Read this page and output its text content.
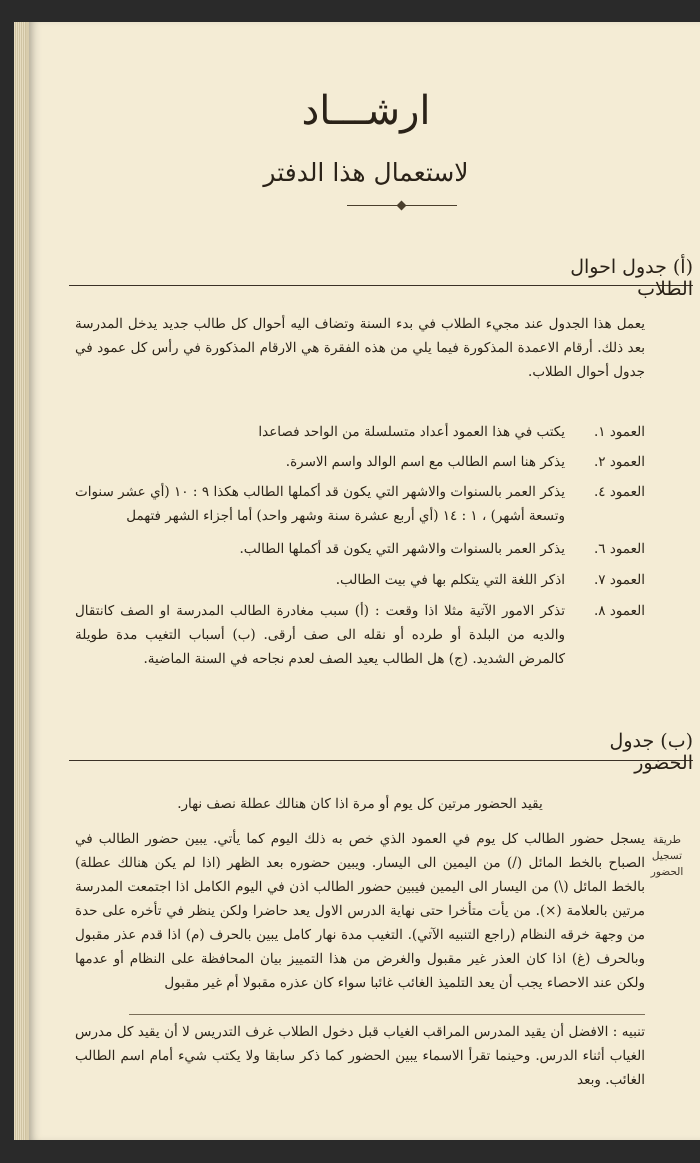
ارشـــاد
لاستعمال هذا الدفتر
(أ) جدول احوال الطلاب
يعمل هذا الجدول عند مجيء الطلاب في بدء السنة وتضاف اليه أحوال كل طالب جديد يدخل المدرسة بعد ذلك. أرقام الاعمدة المذكورة فيما يلي من هذه الفقرة هي الارقام المذكورة في رأس كل عمود في جدول أحوال الطلاب.
العمود ١.
يكتب في هذا العمود أعداد متسلسلة من الواحد فصاعدا
العمود ٢.
يذكر هنا اسم الطالب مع اسم الوالد واسم الاسرة.
العمود ٤.
يذكر العمر بالسنوات والاشهر التي يكون قد أكملها الطالب هكذا ٩ : ١٠ (أي عشر سنوات وتسعة أشهر) ، ١ : ١٤ (أي أربع عشرة سنة وشهر واحد) أما أجزاء الشهر فتهمل
العمود ٦.
يذكر العمر بالسنوات والاشهر التي يكون قد أكملها الطالب.
العمود ٧.
اذكر اللغة التي يتكلم بها في بيت الطالب.
العمود ٨.
تذكر الامور الآتية مثلا اذا وقعت : (أ) سبب مغادرة الطالب المدرسة او الصف كانتقال والديه من البلدة أو طرده أو نقله الى صف أرقى. (ب) أسباب التغيب مدة طويلة كالمرض الشديد. (ج) هل الطالب يعيد الصف لعدم نجاحه في السنة الماضية.
(ب) جدول الحضور
يقيد الحضور مرتين كل يوم أو مرة اذا كان هنالك عطلة نصف نهار.
طريقة تسجيل الحضور
يسجل حضور الطالب كل يوم في العمود الذي خص به ذلك اليوم كما يأتي. يبين حضور الطالب في الصباح بالخط المائل (/) من اليمين الى اليسار. ويبين حضوره بعد الظهر (اذا لم يكن هنالك عطلة) بالخط المائل (\) من اليسار الى اليمين فيبين حضور الطالب اذن في اليوم الكامل اذا اجتمعت المدرسة مرتين بالعلامة (×). من يأت متأخرا حتى نهاية الدرس الاول يعد حاضرا ولكن ينظر في تأخره على حدة من وجهة خرقه النظام (راجع التنبيه الآتي). التغيب مدة نهار كامل يبين بالحرف (م) اذا قدم عذر مقبول وبالحرف (غ) اذا كان العذر غير مقبول والغرض من هذا التمييز بيان المحافظة على النظام أو عدمها ولكن عند الاحصاء يجب أن يعد التلميذ الغائب غائبا سواء كان عذره مقبولا أم غير مقبول
تنبيه : الافضل أن يقيد المدرس المراقب الغياب قبل دخول الطلاب غرف التدريس لا أن يقيد كل مدرس الغياب أثناء الدرس. وحينما تقرأ الاسماء يبين الحضور كما ذكر سابقا ولا يكتب شيء أمام اسم الطالب الغائب. وبعد
